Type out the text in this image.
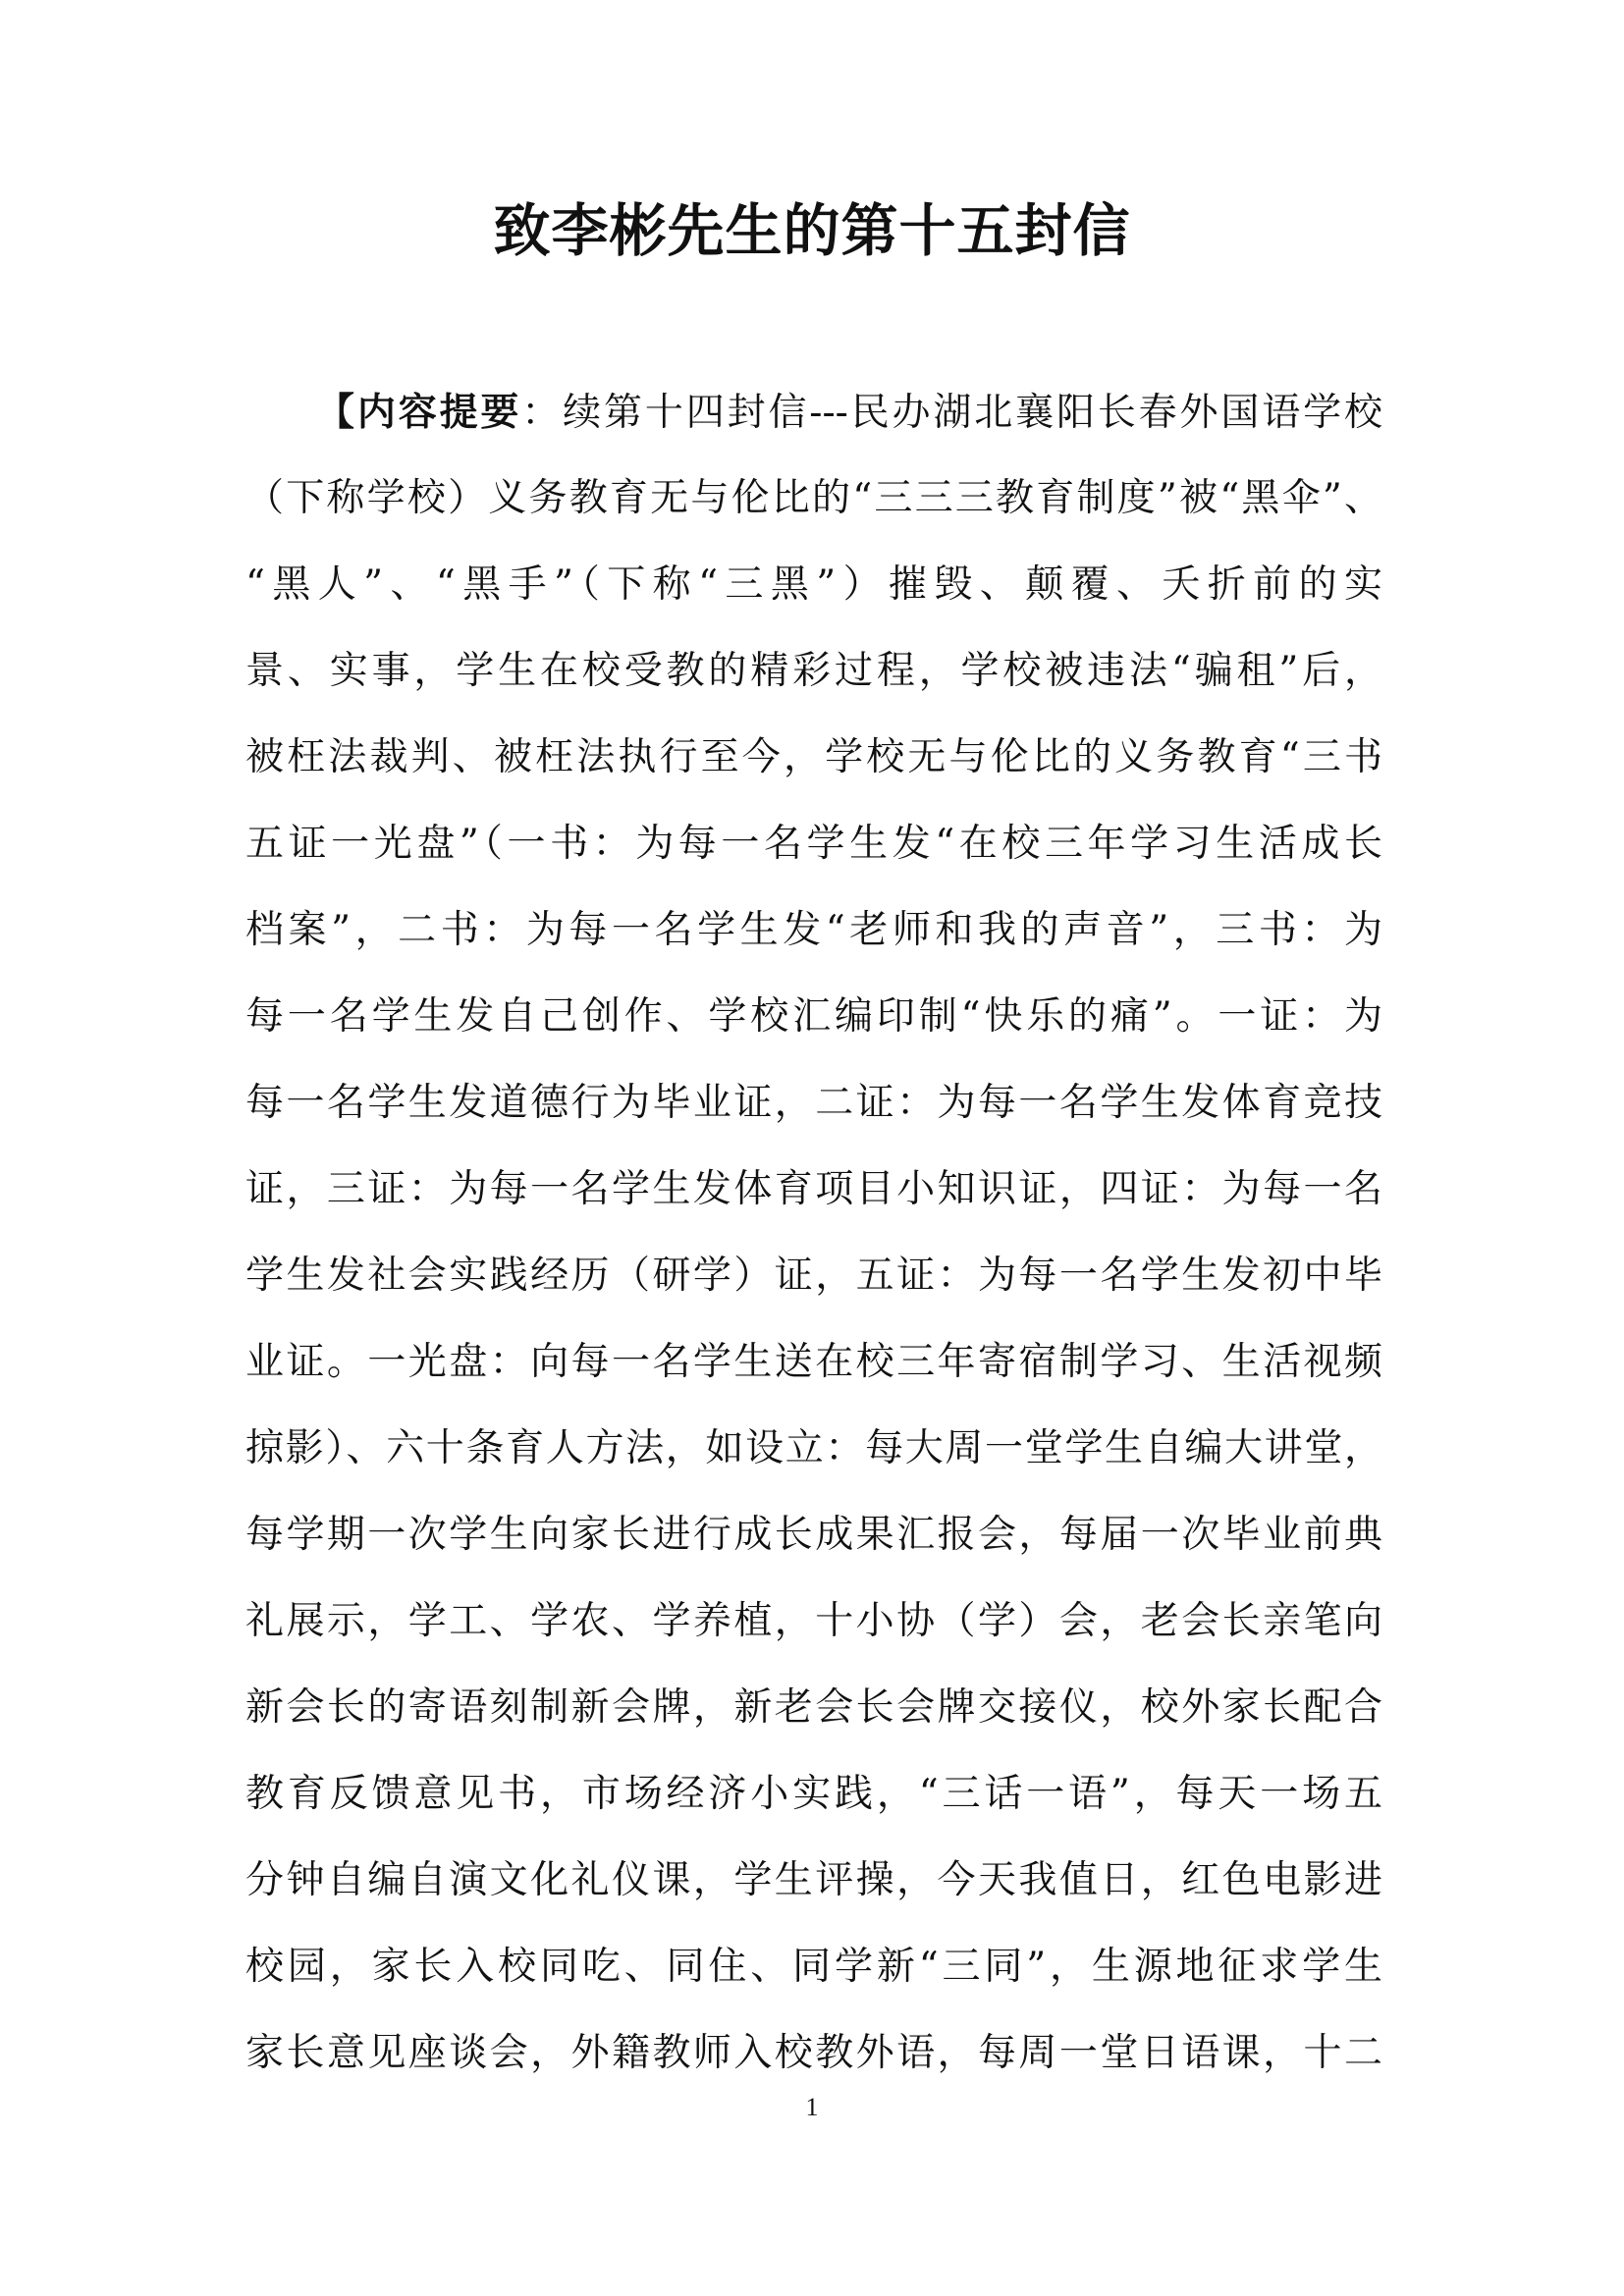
致李彬先生的第十五封信
【内容提要：续第十四封信---民办湖北襄阳长春外国语学校
（下称学校）义务教育无与伦比的“三三三教育制度”被“黑伞”、
“黑人”、“黑手”（下称“三黑”）摧毁、颠覆、夭折前的实
景、实事，学生在校受教的精彩过程，学校被违法“骗租”后，
被枉法裁判、被枉法执行至今，学校无与伦比的义务教育“三书
五证一光盘”（一书：为每一名学生发“在校三年学习生活成长
档案”，二书：为每一名学生发“老师和我的声音”，三书：为
每一名学生发自己创作、学校汇编印制“快乐的痛”。一证：为
每一名学生发道德行为毕业证，二证：为每一名学生发体育竞技
证，三证：为每一名学生发体育项目小知识证，四证：为每一名
学生发社会实践经历（研学）证，五证：为每一名学生发初中毕
业证。一光盘：向每一名学生送在校三年寄宿制学习、生活视频
掠影）、六十条育人方法，如设立：每大周一堂学生自编大讲堂，
每学期一次学生向家长进行成长成果汇报会，每届一次毕业前典
礼展示，学工、学农、学养植，十小协（学）会，老会长亲笔向
新会长的寄语刻制新会牌，新老会长会牌交接仪，校外家长配合
教育反馈意见书，市场经济小实践，“三话一语”，每天一场五
分钟自编自演文化礼仪课，学生评操，今天我值日，红色电影进
校园，家长入校同吃、同住、同学新“三同”，生源地征求学生
家长意见座谈会，外籍教师入校教外语，每周一堂日语课，十二
1
